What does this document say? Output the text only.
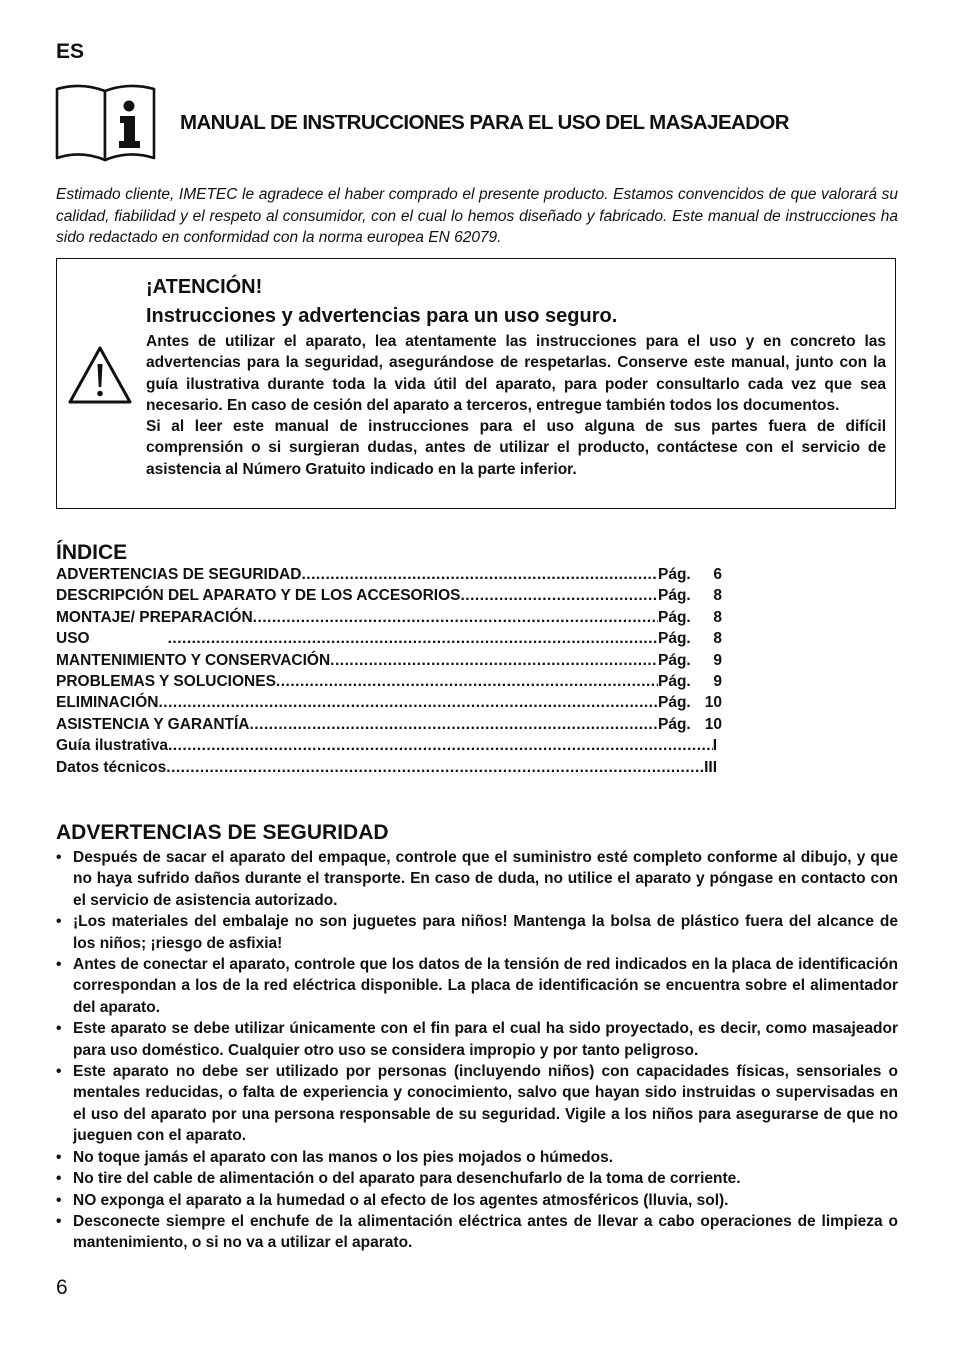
ES
MANUAL DE INSTRUCCIONES PARA EL USO DEL MASAJEADOR

Estimado cliente, IMETEC le agradece el haber comprado el presente producto. Estamos convencidos de que valorará su calidad, fiabilidad y el respeto al consumidor, con el cual lo hemos diseñado y fabricado. Este manual de instrucciones ha sido redactado en conformidad con la norma europea EN 62079.

¡ATENCIÓN!
Instrucciones y advertencias para un uso seguro.

Antes de utilizar el aparato, lea atentamente las instrucciones para el uso y en concreto las advertencias para la seguridad, asegurándose de respetarlas. Conserve este manual, junto con la guía ilustrativa durante toda la vida útil del aparato, para poder consultarlo cada vez que sea necesario. En caso de cesión del aparato a terceros, entregue también todos los documentos.

Si al leer este manual de instrucciones para el uso alguna de sus partes fuera de difícil comprensión o si surgieran dudas, antes de utilizar el producto, contáctese con el servicio de asistencia al Número Gratuito indicado en la parte inferior.

ÍNDICE
ADVERTENCIAS DE SEGURIDAD .....	Pág.	6
DESCRIPCIÓN DEL APARATO Y DE LOS ACCESORIOS .....	Pág.	8
MONTAJE/ PREPARACIÓN .....	Pág.	8
USO .....	Pág.	8
MANTENIMIENTO Y CONSERVACIÓN .....	Pág.	9
PROBLEMAS Y SOLUCIONES .....	Pág.	9
ELIMINACIÓN .....	Pág. 10
ASISTENCIA Y GARANTÍA .....	Pág. 10
Guía ilustrativa .....	I
Datos técnicos .....	III
ADVERTENCIAS DE SEGURIDAD
• Después de sacar el aparato del empaque, controle que el suministro esté completo conforme al dibujo, y que no haya sufrido daños durante el transporte. En caso de duda, no utilice el aparato y póngase en contacto con el servicio de asistencia autorizado.
• ¡Los materiales del embalaje no son juguetes para niños! Mantenga la bolsa de plástico fuera del alcance de los niños; ¡riesgo de asfixia!
• Antes de conectar el aparato, controle que los datos de la tensión de red indicados en la placa de identificación correspondan a los de la red eléctrica disponible. La placa de identificación se encuentra sobre el alimentador del aparato.
• Este aparato se debe utilizar únicamente con el fin para el cual ha sido proyectado, es decir, como masajeador para uso doméstico. Cualquier otro uso se considera impropio y por tanto peligroso.
• Este aparato no debe ser utilizado por personas (incluyendo niños) con capacidades físicas, sensoriales o mentales reducidas, o falta de experiencia y conocimiento, salvo que hayan sido instruidas o supervisadas en el uso del aparato por una persona responsable de su seguridad. Vigile a los niños para asegurarse de que no jueguen con el aparato.
• No toque jamás el aparato con las manos o los pies mojados o húmedos.
• No tire del cable de alimentación o del aparato para desenchufarlo de la toma de corriente.
• NO exponga el aparato a la humedad o al efecto de los agentes atmosféricos (lluvia, sol).
• Desconecte siempre el enchufe de la alimentación eléctrica antes de llevar a cabo operaciones de limpieza o mantenimiento, o si no va a utilizar el aparato.
6
